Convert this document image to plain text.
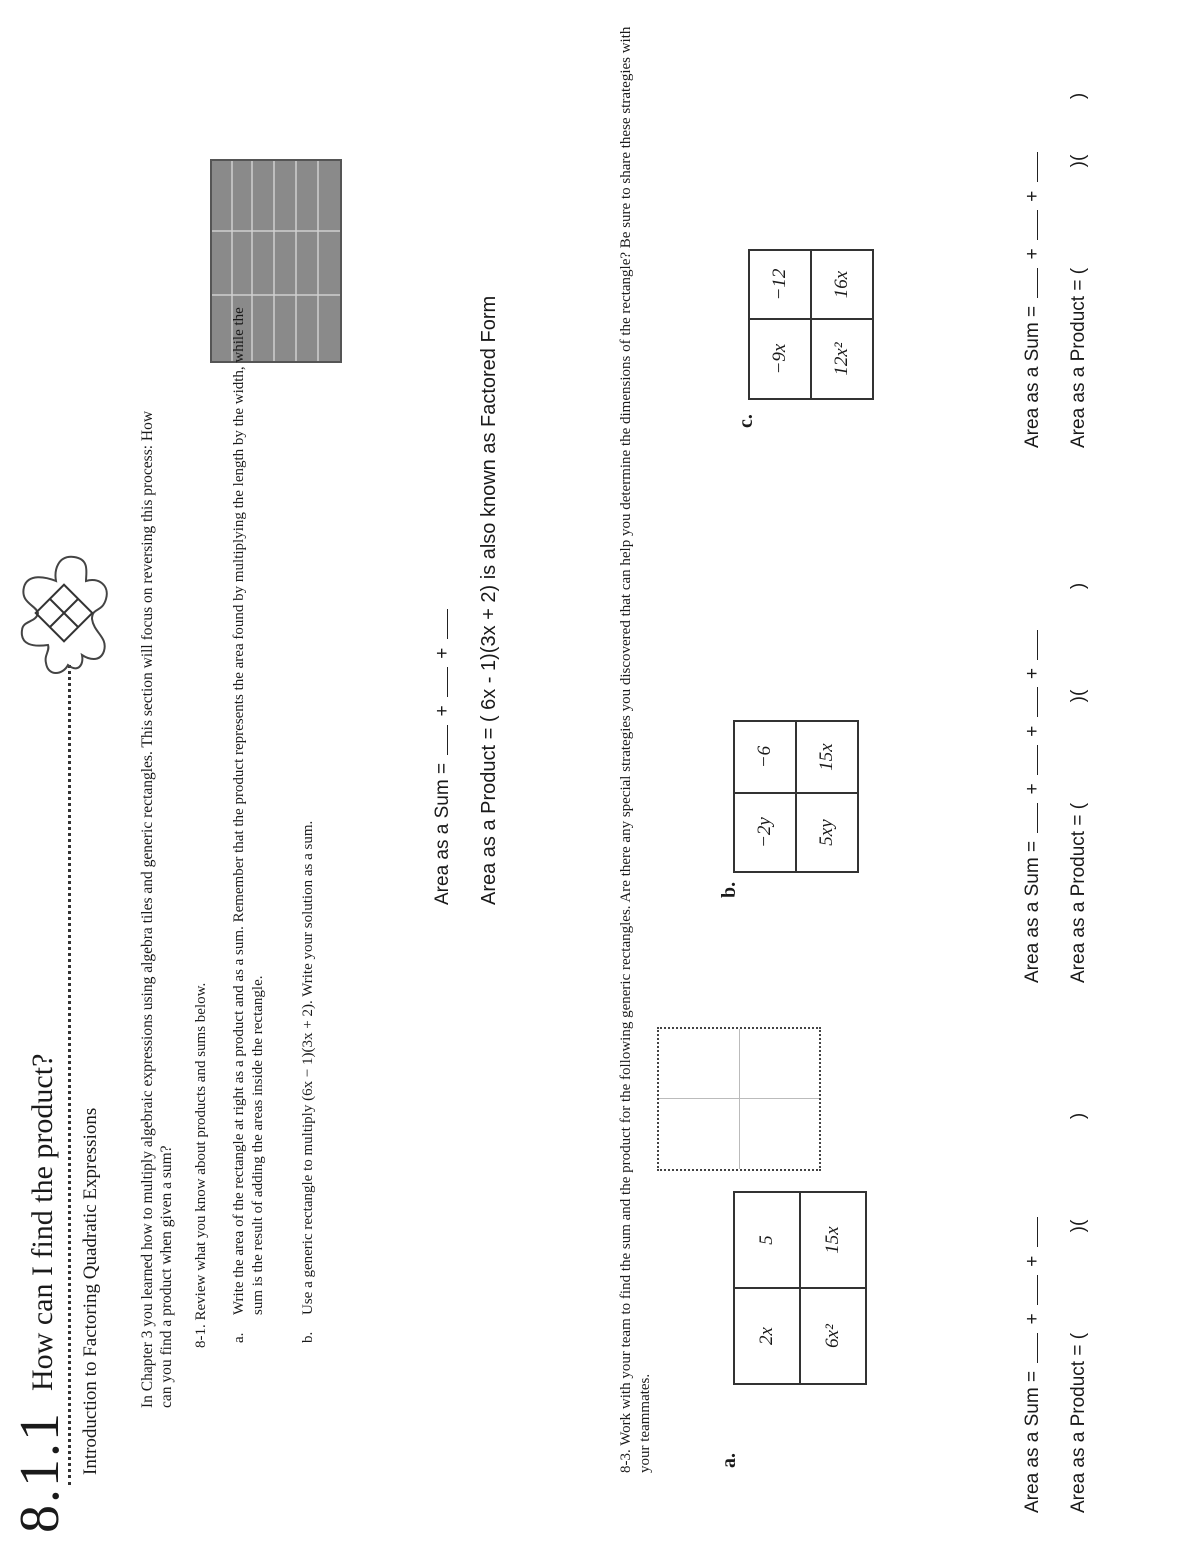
8.1.1
How can I find the product? Introduction to Factoring Quadratic Expressions In Chapter 3 you learned how to multiply algebraic expressions using algebra tiles and generic rectangles. This section will focus on reversing this process: How can you find a product when given a sum? 8-1. Review what you know about products and sums below. a.
Write the area of the rectangle at right as a product and as a sum. Remember that the product represents the area found by multiplying the length by the width, while the sum is the result of adding the areas inside the rectangle.
b.
Use a generic rectangle to multiply (6x − 1)(3x + 2). Write your solution as a sum.	Area as a Sum =  +  +
Area as a Product = ( 6x - 1)(3x + 2) is also known as Factored Form	8-3. Work with your team to find the sum and the product for the following generic rectangles. Are there any special strategies you discovered that can help you determine the dimensions of the rectangle? Be sure to share these strategies with your teammates.	a.
2x	5
6x²	15x
b.
−2y	−6
5xy	15x
c.
−9x	−12
12x²	16x
Area as a Sum =  +  +
Area as a Product = (  )(  )
Area as a Sum =  +  +  +
Area as a Product = (  )(  )
Area as a Sum =  +  +
Area as a Product = (  )(  )
